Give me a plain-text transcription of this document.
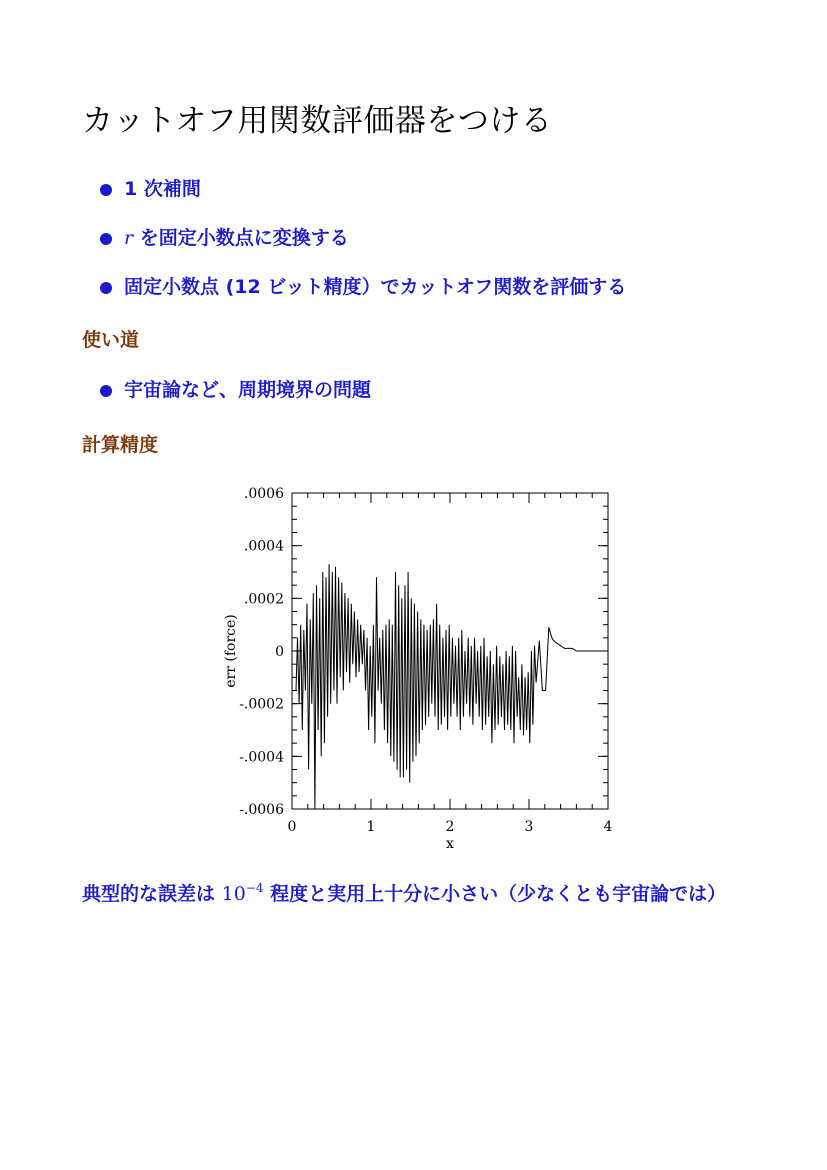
カットオフ用関数評価器をつける
1 次補間
r を固定小数点に変換する
固定小数点 (12 ビット精度）でカットオフ関数を評価する
使い道
宇宙論など、周期境界の問題
計算精度
0	1	2	3	4
.0006
.0004
.0002
0
-.0002
-.0004
-.0006
x
err (force)

典型的な誤差は $10^{-4}$ 程度と実用上十分に小さい（少なくとも宇宙論では）
